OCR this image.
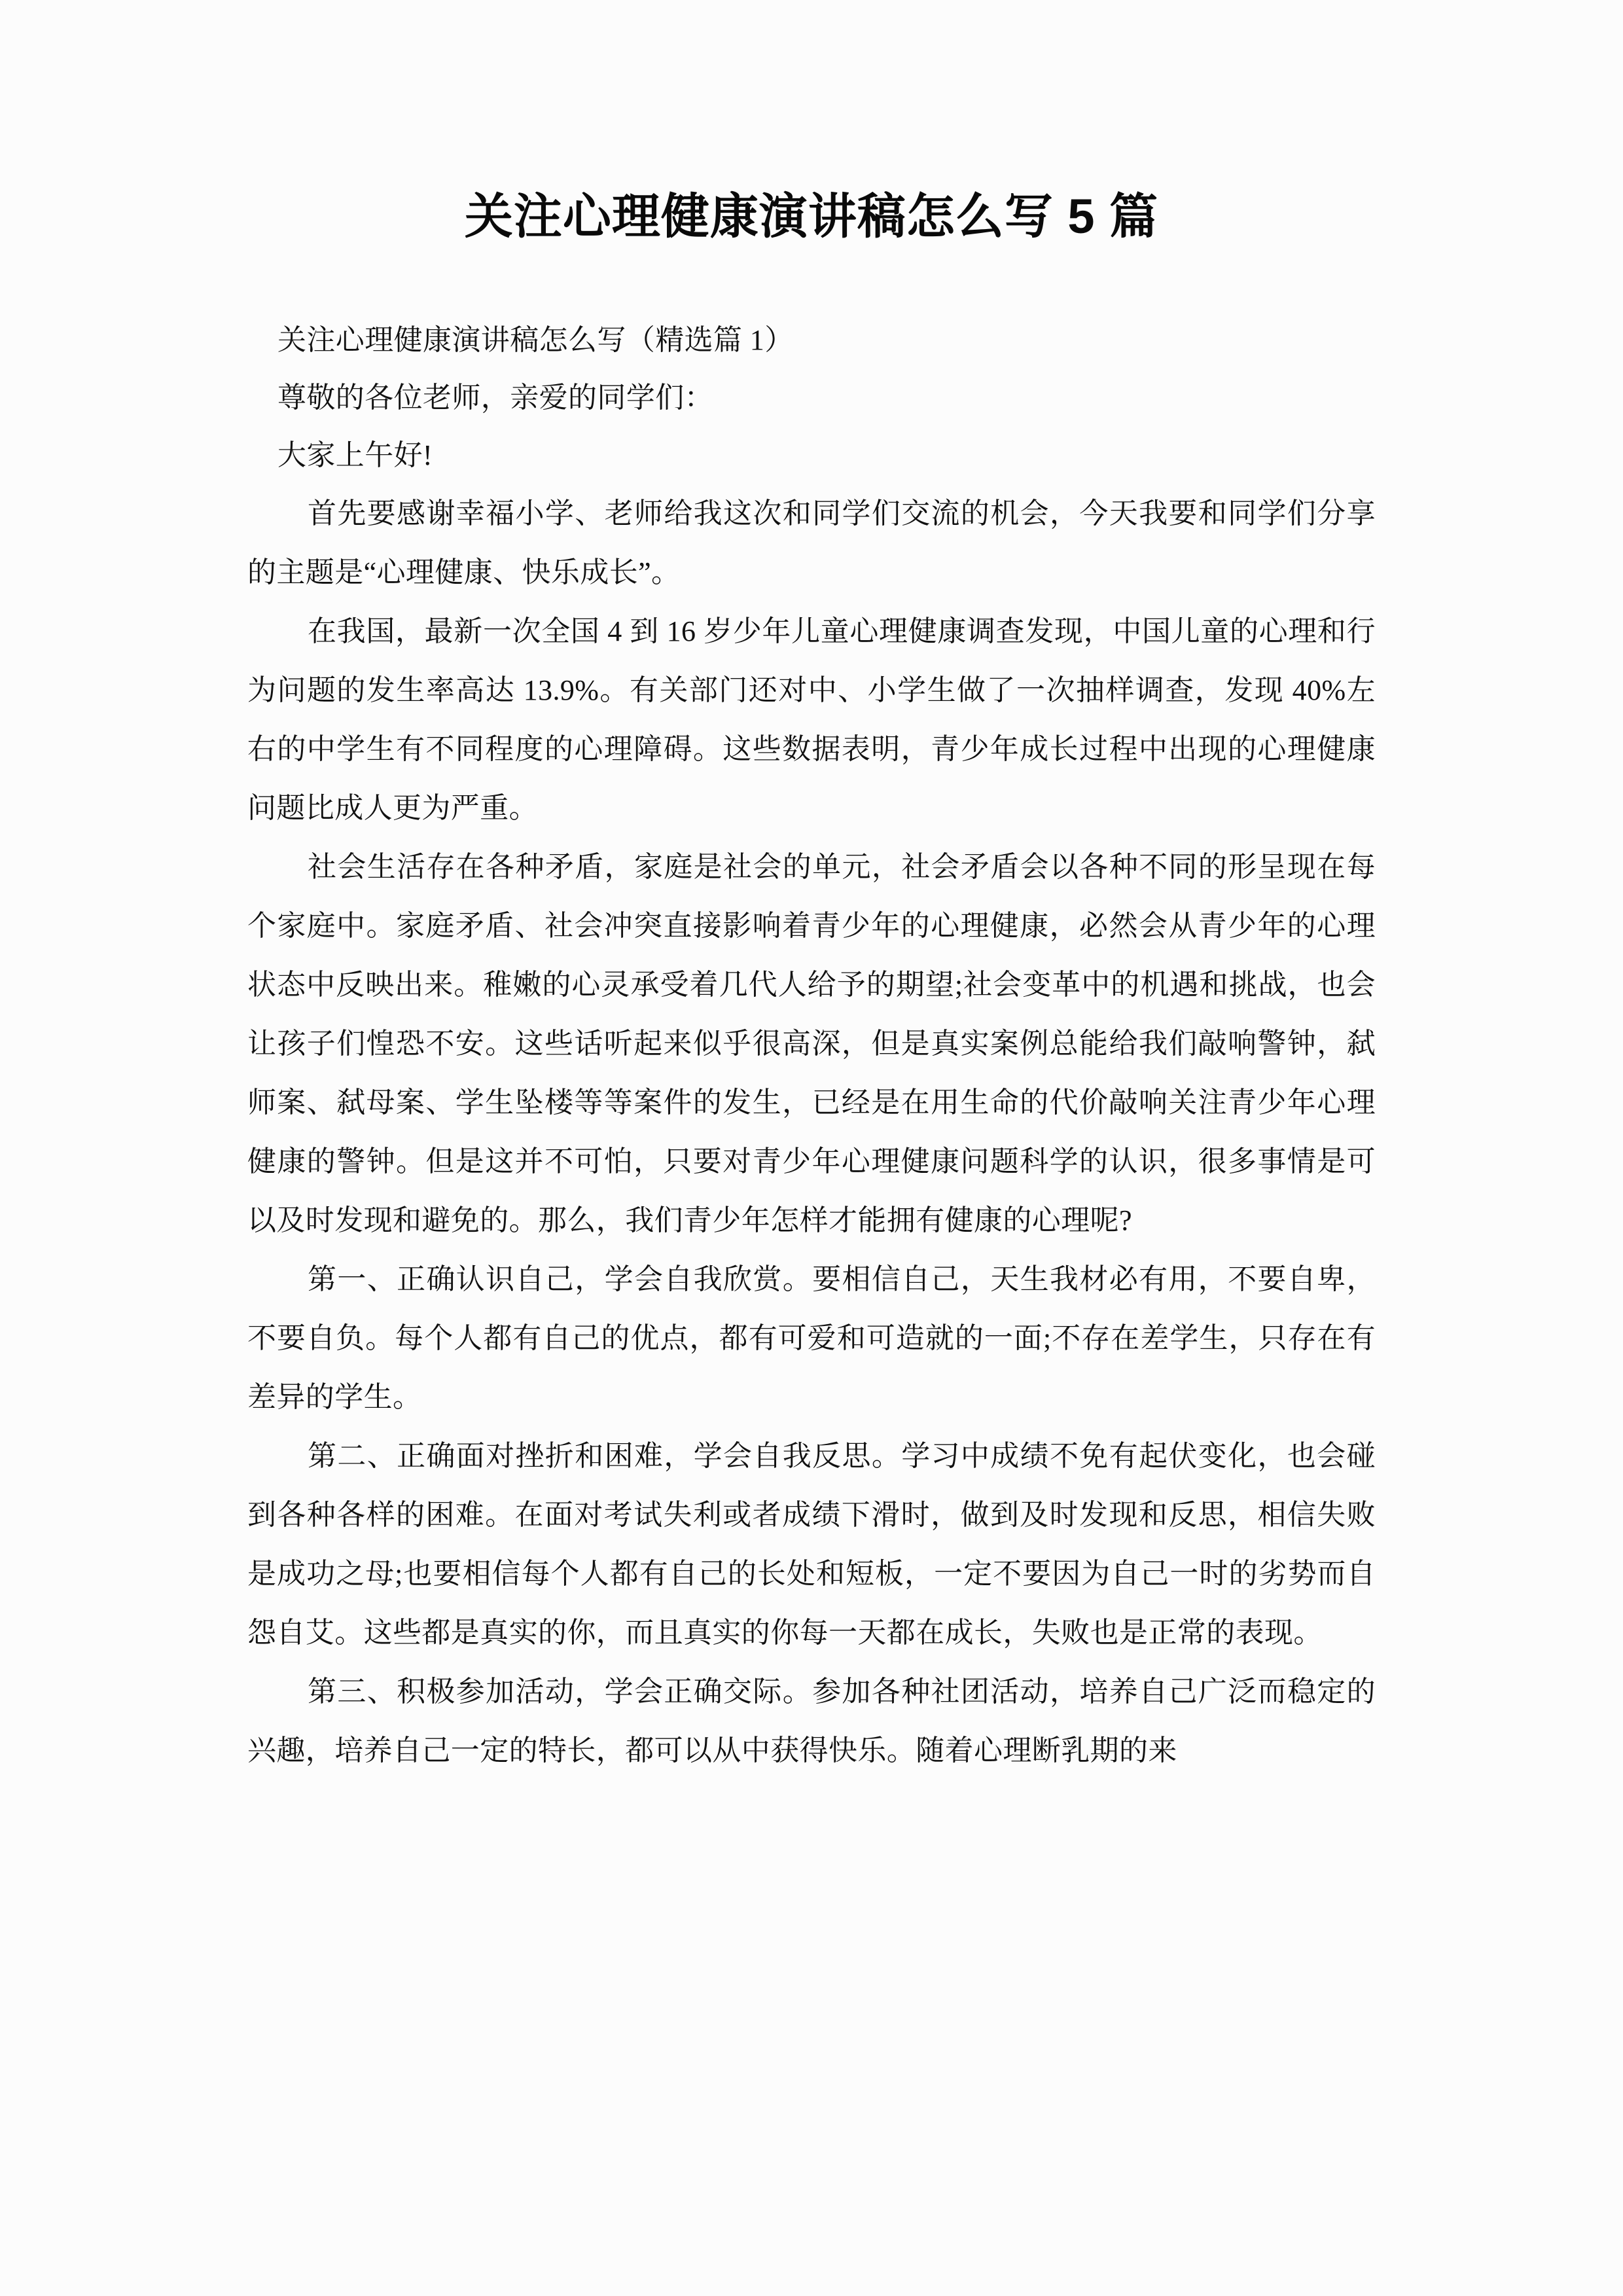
关注心理健康演讲稿怎么写 5 篇

关注心理健康演讲稿怎么写（精选篇 1）

尊敬的各位老师，亲爱的同学们：

大家上午好!

首先要感谢幸福小学、老师给我这次和同学们交流的机会，今天我要和同学们分享的主题是“心理健康、快乐成长”。

在我国，最新一次全国 4 到 16 岁少年儿童心理健康调查发现，中国儿童的心理和行为问题的发生率高达 13.9%。有关部门还对中、小学生做了一次抽样调查，发现 40%左右的中学生有不同程度的心理障碍。这些数据表明，青少年成长过程中出现的心理健康问题比成人更为严重。

社会生活存在各种矛盾，家庭是社会的单元，社会矛盾会以各种不同的形呈现在每个家庭中。家庭矛盾、社会冲突直接影响着青少年的心理健康，必然会从青少年的心理状态中反映出来。稚嫩的心灵承受着几代人给予的期望;社会变革中的机遇和挑战，也会让孩子们惶恐不安。这些话听起来似乎很高深，但是真实案例总能给我们敲响警钟，弑师案、弑母案、学生坠楼等等案件的发生，已经是在用生命的代价敲响关注青少年心理健康的警钟。但是这并不可怕，只要对青少年心理健康问题科学的认识，很多事情是可以及时发现和避免的。那么，我们青少年怎样才能拥有健康的心理呢?

第一、正确认识自己，学会自我欣赏。要相信自己，天生我材必有用，不要自卑，不要自负。每个人都有自己的优点，都有可爱和可造就的一面;不存在差学生，只存在有差异的学生。

第二、正确面对挫折和困难，学会自我反思。学习中成绩不免有起伏变化，也会碰到各种各样的困难。在面对考试失利或者成绩下滑时，做到及时发现和反思，相信失败是成功之母;也要相信每个人都有自己的长处和短板，一定不要因为自己一时的劣势而自怨自艾。这些都是真实的你，而且真实的你每一天都在成长，失败也是正常的表现。

第三、积极参加活动，学会正确交际。参加各种社团活动，培养自己广泛而稳定的兴趣，培养自己一定的特长，都可以从中获得快乐。随着心理断乳期的来
